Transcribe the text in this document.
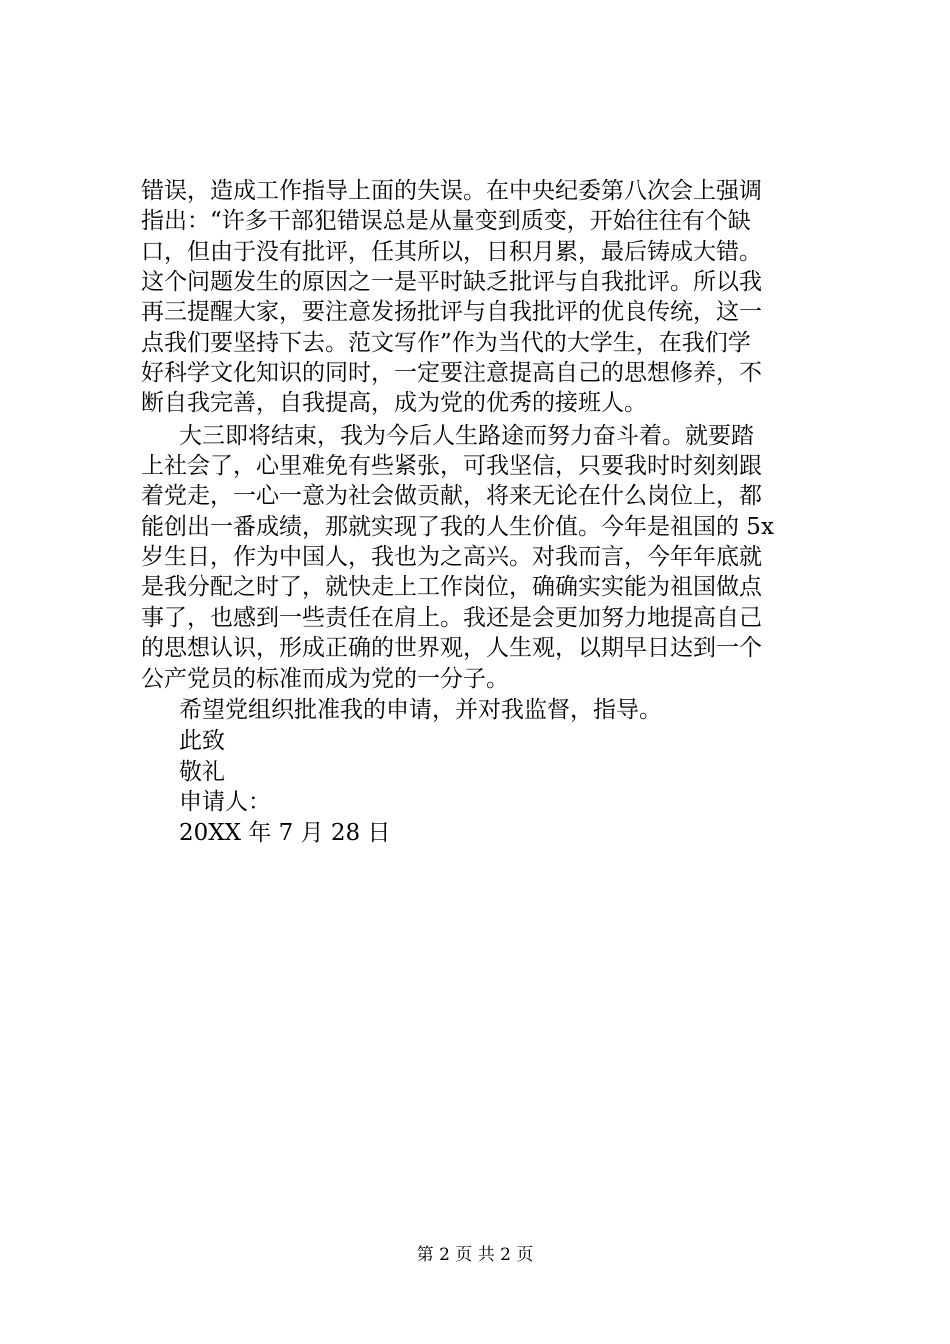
错误，造成工作指导上面的失误。在中央纪委第八次会上强调
指出：“许多干部犯错误总是从量变到质变，开始往往有个缺
口，但由于没有批评，任其所以，日积月累，最后铸成大错。
这个问题发生的原因之一是平时缺乏批评与自我批评。所以我
再三提醒大家，要注意发扬批评与自我批评的优良传统，这一
点我们要坚持下去。范文写作”作为当代的大学生，在我们学
好科学文化知识的同时，一定要注意提高自己的思想修养，不
断自我完善，自我提高，成为党的优秀的接班人。
大三即将结束，我为今后人生路途而努力奋斗着。就要踏
上社会了，心里难免有些紧张，可我坚信，只要我时时刻刻跟
着党走，一心一意为社会做贡献，将来无论在什么岗位上，都
能创出一番成绩，那就实现了我的人生价值。今年是祖国的 5x
岁生日，作为中国人，我也为之高兴。对我而言，今年年底就
是我分配之时了，就快走上工作岗位，确确实实能为祖国做点
事了，也感到一些责任在肩上。我还是会更加努力地提高自己
的思想认识，形成正确的世界观，人生观，以期早日达到一个
公产党员的标准而成为党的一分子。
希望党组织批准我的申请，并对我监督，指导。
此致
敬礼
申请人：
20XX 年 7 月 28 日
第 2 页 共 2 页
